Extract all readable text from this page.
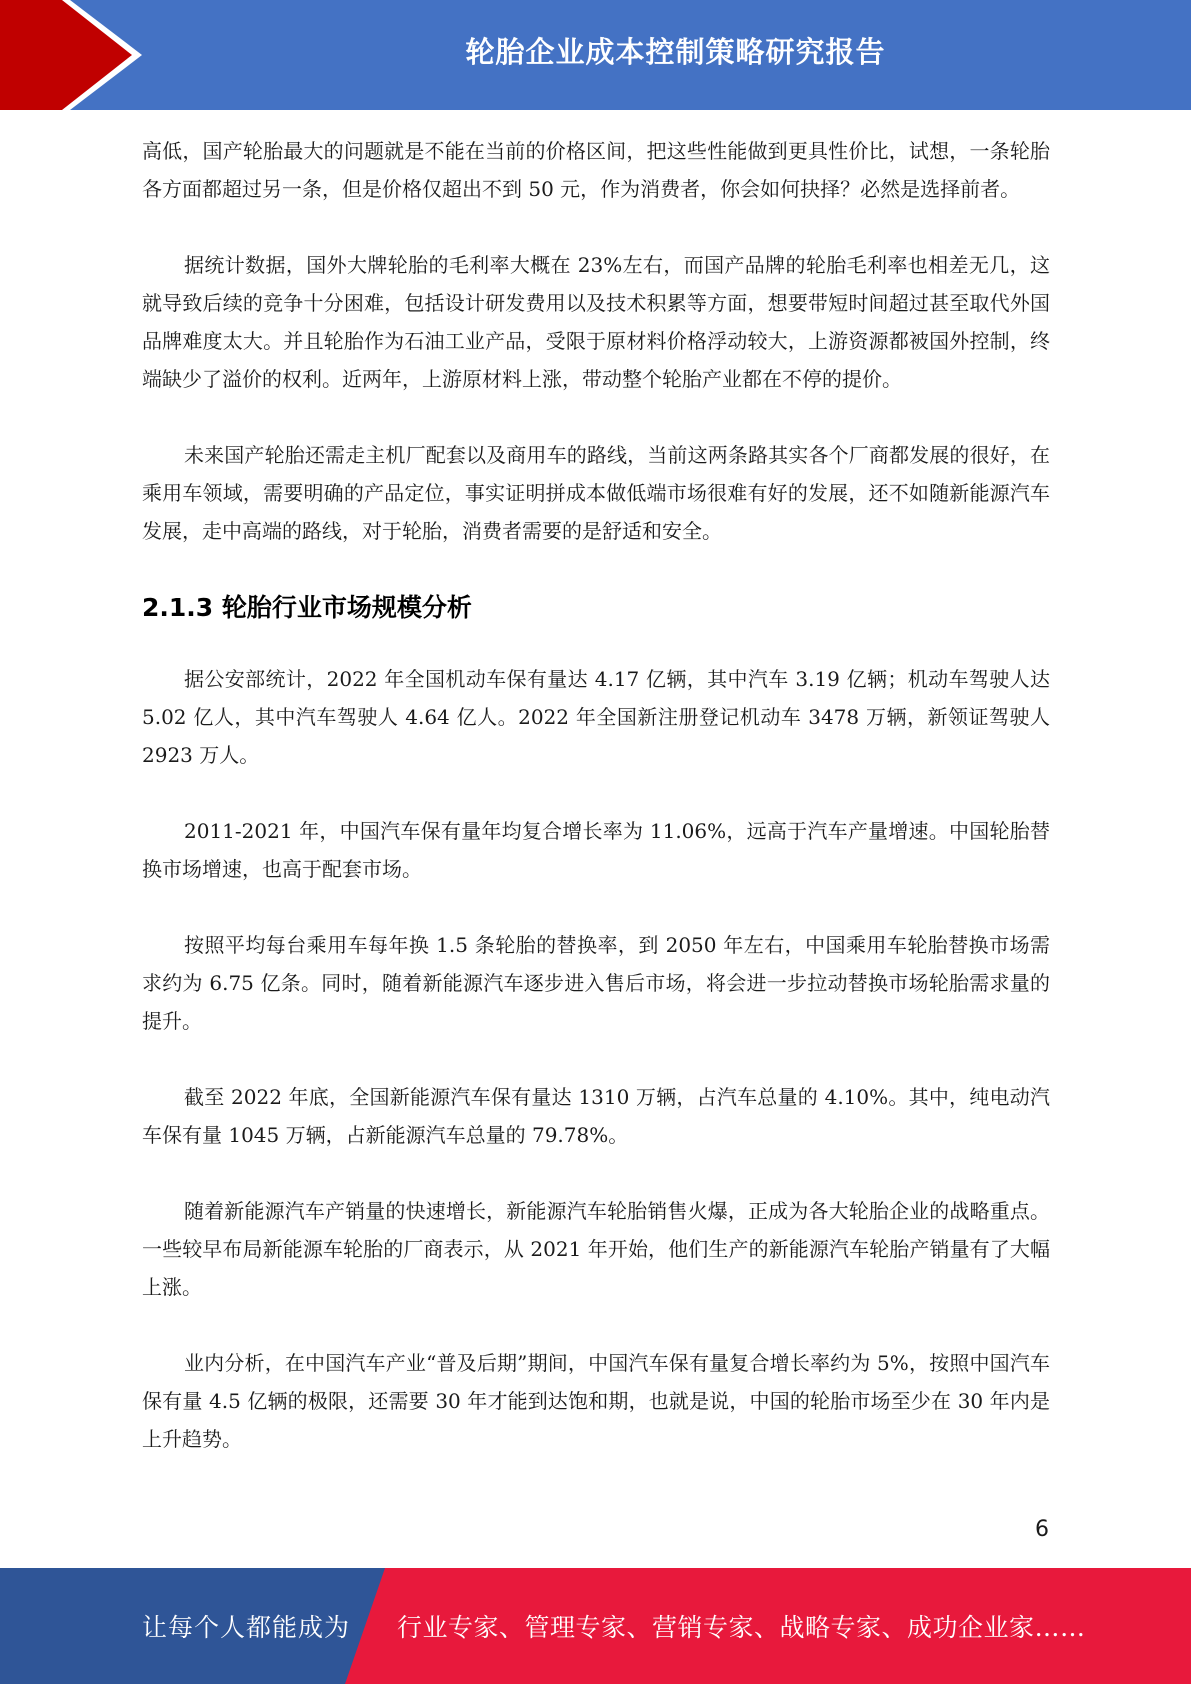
轮胎企业成本控制策略研究报告

高低，国产轮胎最大的问题就是不能在当前的价格区间，把这些性能做到更具性价比，试想，一条轮胎各方面都超过另一条，但是价格仅超出不到 50 元，作为消费者，你会如何抉择？必然是选择前者。

据统计数据，国外大牌轮胎的毛利率大概在 23%左右，而国产品牌的轮胎毛利率也相差无几，这就导致后续的竞争十分困难，包括设计研发费用以及技术积累等方面，想要带短时间超过甚至取代外国品牌难度太大。并且轮胎作为石油工业产品，受限于原材料价格浮动较大，上游资源都被国外控制，终端缺少了溢价的权利。近两年，上游原材料上涨，带动整个轮胎产业都在不停的提价。

未来国产轮胎还需走主机厂配套以及商用车的路线，当前这两条路其实各个厂商都发展的很好，在乘用车领域，需要明确的产品定位，事实证明拼成本做低端市场很难有好的发展，还不如随新能源汽车发展，走中高端的路线，对于轮胎，消费者需要的是舒适和安全。

2.1.3 轮胎行业市场规模分析

据公安部统计，2022 年全国机动车保有量达 4.17 亿辆，其中汽车 3.19 亿辆；机动车驾驶人达 5.02 亿人，其中汽车驾驶人 4.64 亿人。2022 年全国新注册登记机动车 3478 万辆，新领证驾驶人 2923 万人。

2011-2021 年，中国汽车保有量年均复合增长率为 11.06%，远高于汽车产量增速。中国轮胎替换市场增速，也高于配套市场。

按照平均每台乘用车每年换 1.5 条轮胎的替换率，到 2050 年左右，中国乘用车轮胎替换市场需求约为 6.75 亿条。同时，随着新能源汽车逐步进入售后市场，将会进一步拉动替换市场轮胎需求量的提升。

截至 2022 年底，全国新能源汽车保有量达 1310 万辆，占汽车总量的 4.10%。其中，纯电动汽车保有量 1045 万辆，占新能源汽车总量的 79.78%。

随着新能源汽车产销量的快速增长，新能源汽车轮胎销售火爆，正成为各大轮胎企业的战略重点。一些较早布局新能源车轮胎的厂商表示，从 2021 年开始，他们生产的新能源汽车轮胎产销量有了大幅上涨。

业内分析，在中国汽车产业“普及后期”期间，中国汽车保有量复合增长率约为 5%，按照中国汽车保有量 4.5 亿辆的极限，还需要 30 年才能到达饱和期，也就是说，中国的轮胎市场至少在 30 年内是上升趋势。

6
让每个人都能成为 行业专家、管理专家、营销专家、战略专家、成功企业家……
